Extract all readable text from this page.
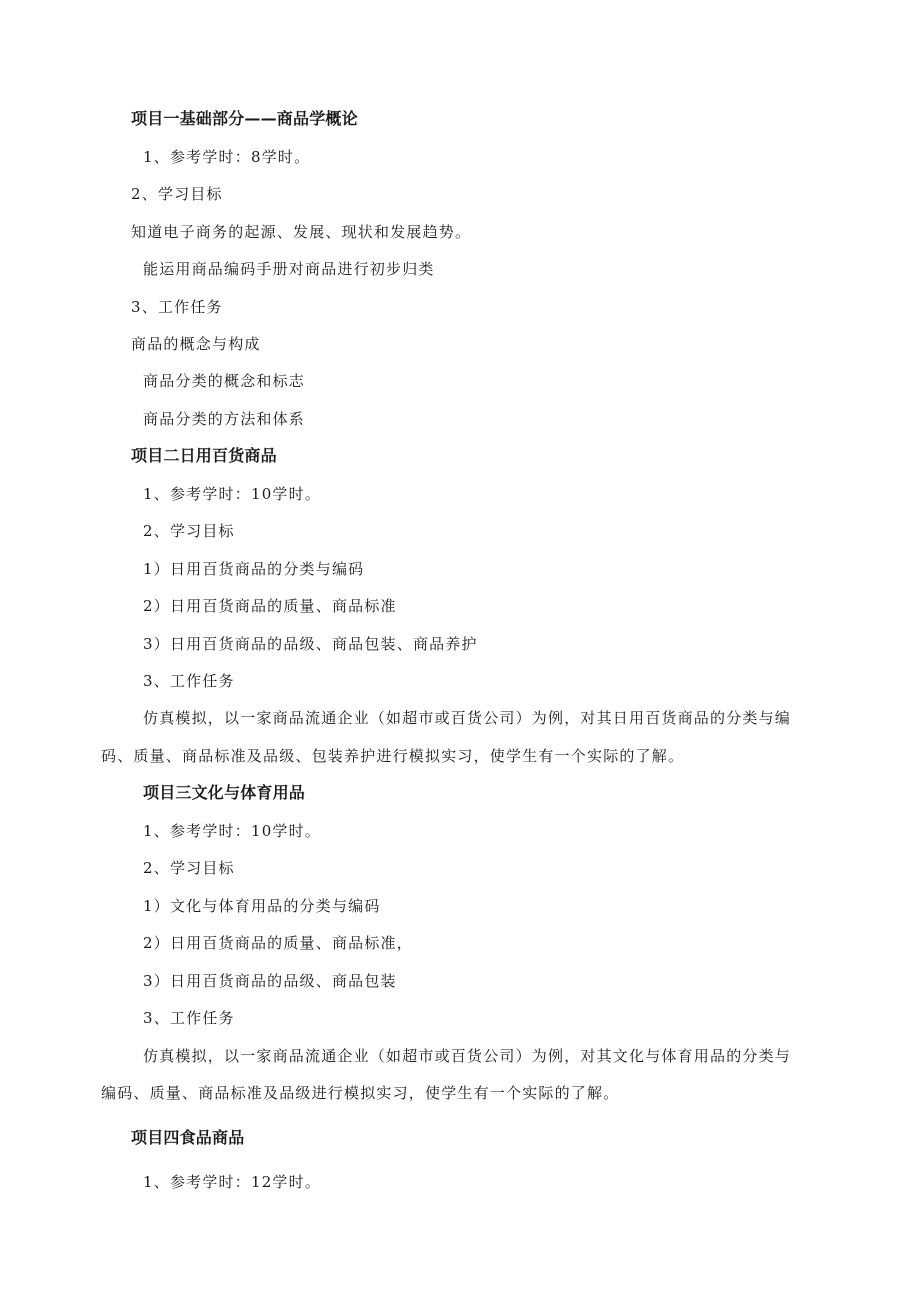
项目一基础部分——商品学概论
1、参考学时：8学时。
2、学习目标
知道电子商务的起源、发展、现状和发展趋势。
能运用商品编码手册对商品进行初步归类
3、工作任务
商品的概念与构成
商品分类的概念和标志
商品分类的方法和体系
项目二日用百货商品
1、参考学时：10学时。
2、学习目标
1）日用百货商品的分类与编码
2）日用百货商品的质量、商品标准
3）日用百货商品的品级、商品包装、商品养护
3、工作任务
仿真模拟，以一家商品流通企业（如超市或百货公司）为例，对其日用百货商品的分类与编
码、质量、商品标准及品级、包装养护进行模拟实习，使学生有一个实际的了解。
项目三文化与体育用品
1、参考学时：10学时。
2、学习目标
1）文化与体育用品的分类与编码
2）日用百货商品的质量、商品标准，
3）日用百货商品的品级、商品包装
3、工作任务
仿真模拟，以一家商品流通企业（如超市或百货公司）为例，对其文化与体育用品的分类与
编码、质量、商品标准及品级进行模拟实习，使学生有一个实际的了解。
项目四食品商品
1、参考学时：12学时。
